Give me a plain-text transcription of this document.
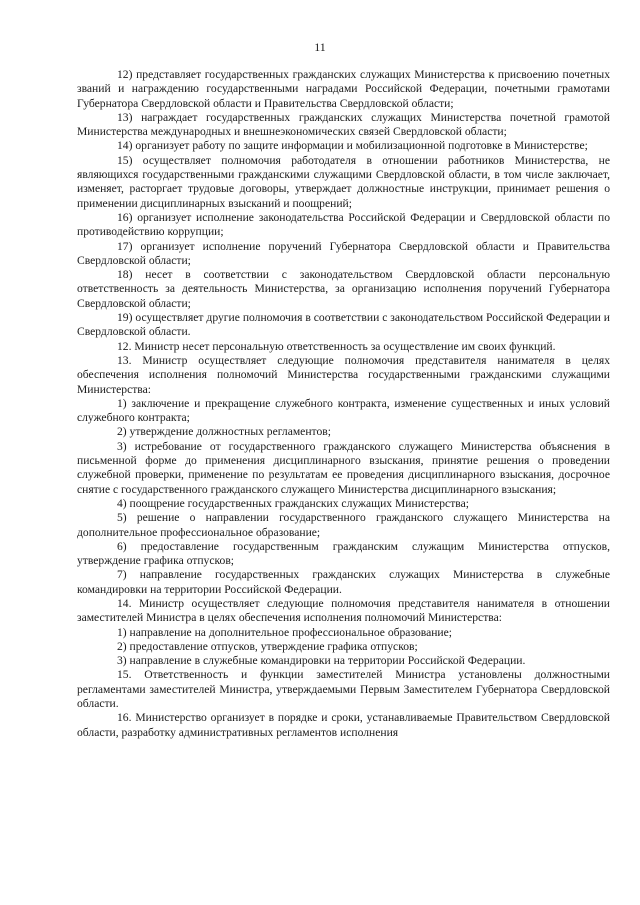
11

12) представляет государственных гражданских служащих Министерства к присвоению почетных званий и награждению государственными наградами Российской Федерации, почетными грамотами Губернатора Свердловской области и Правительства Свердловской области;

13) награждает государственных гражданских служащих Министерства почетной грамотой Министерства международных и внешнеэкономических связей Свердловской области;

14) организует работу по защите информации и мобилизационной подготовке в Министерстве;

15) осуществляет полномочия работодателя в отношении работников Министерства, не являющихся государственными гражданскими служащими Свердловской области, в том числе заключает, изменяет, расторгает трудовые договоры, утверждает должностные инструкции, принимает решения о применении дисциплинарных взысканий и поощрений;

16) организует исполнение законодательства Российской Федерации и Свердловской области по противодействию коррупции;

17) организует исполнение поручений Губернатора Свердловской области и Правительства Свердловской области;

18) несет в соответствии с законодательством Свердловской области персональную ответственность за деятельность Министерства, за организацию исполнения поручений Губернатора Свердловской области;

19) осуществляет другие полномочия в соответствии с законодательством Российской Федерации и Свердловской области.

12. Министр несет персональную ответственность за осуществление им своих функций.

13. Министр осуществляет следующие полномочия представителя нанимателя в целях обеспечения исполнения полномочий Министерства государственными гражданскими служащими Министерства:

1) заключение и прекращение служебного контракта, изменение существенных и иных условий служебного контракта;

2) утверждение должностных регламентов;

3) истребование от государственного гражданского служащего Министерства объяснения в письменной форме до применения дисциплинарного взыскания, принятие решения о проведении служебной проверки, применение по результатам ее проведения дисциплинарного взыскания, досрочное снятие с государственного гражданского служащего Министерства дисциплинарного взыскания;

4) поощрение государственных гражданских служащих Министерства;

5) решение о направлении государственного гражданского служащего Министерства на дополнительное профессиональное образование;

6) предоставление государственным гражданским служащим Министерства отпусков, утверждение графика отпусков;

7) направление государственных гражданских служащих Министерства в служебные командировки на территории Российской Федерации.

14. Министр осуществляет следующие полномочия представителя нанимателя в отношении заместителей Министра в целях обеспечения исполнения полномочий Министерства:

1) направление на дополнительное профессиональное образование;

2) предоставление отпусков, утверждение графика отпусков;

3) направление в служебные командировки на территории Российской Федерации.

15. Ответственность и функции заместителей Министра установлены должностными регламентами заместителей Министра, утверждаемыми Первым Заместителем Губернатора Свердловской области.

16. Министерство организует в порядке и сроки, устанавливаемые Правительством Свердловской области, разработку административных регламентов исполнения
